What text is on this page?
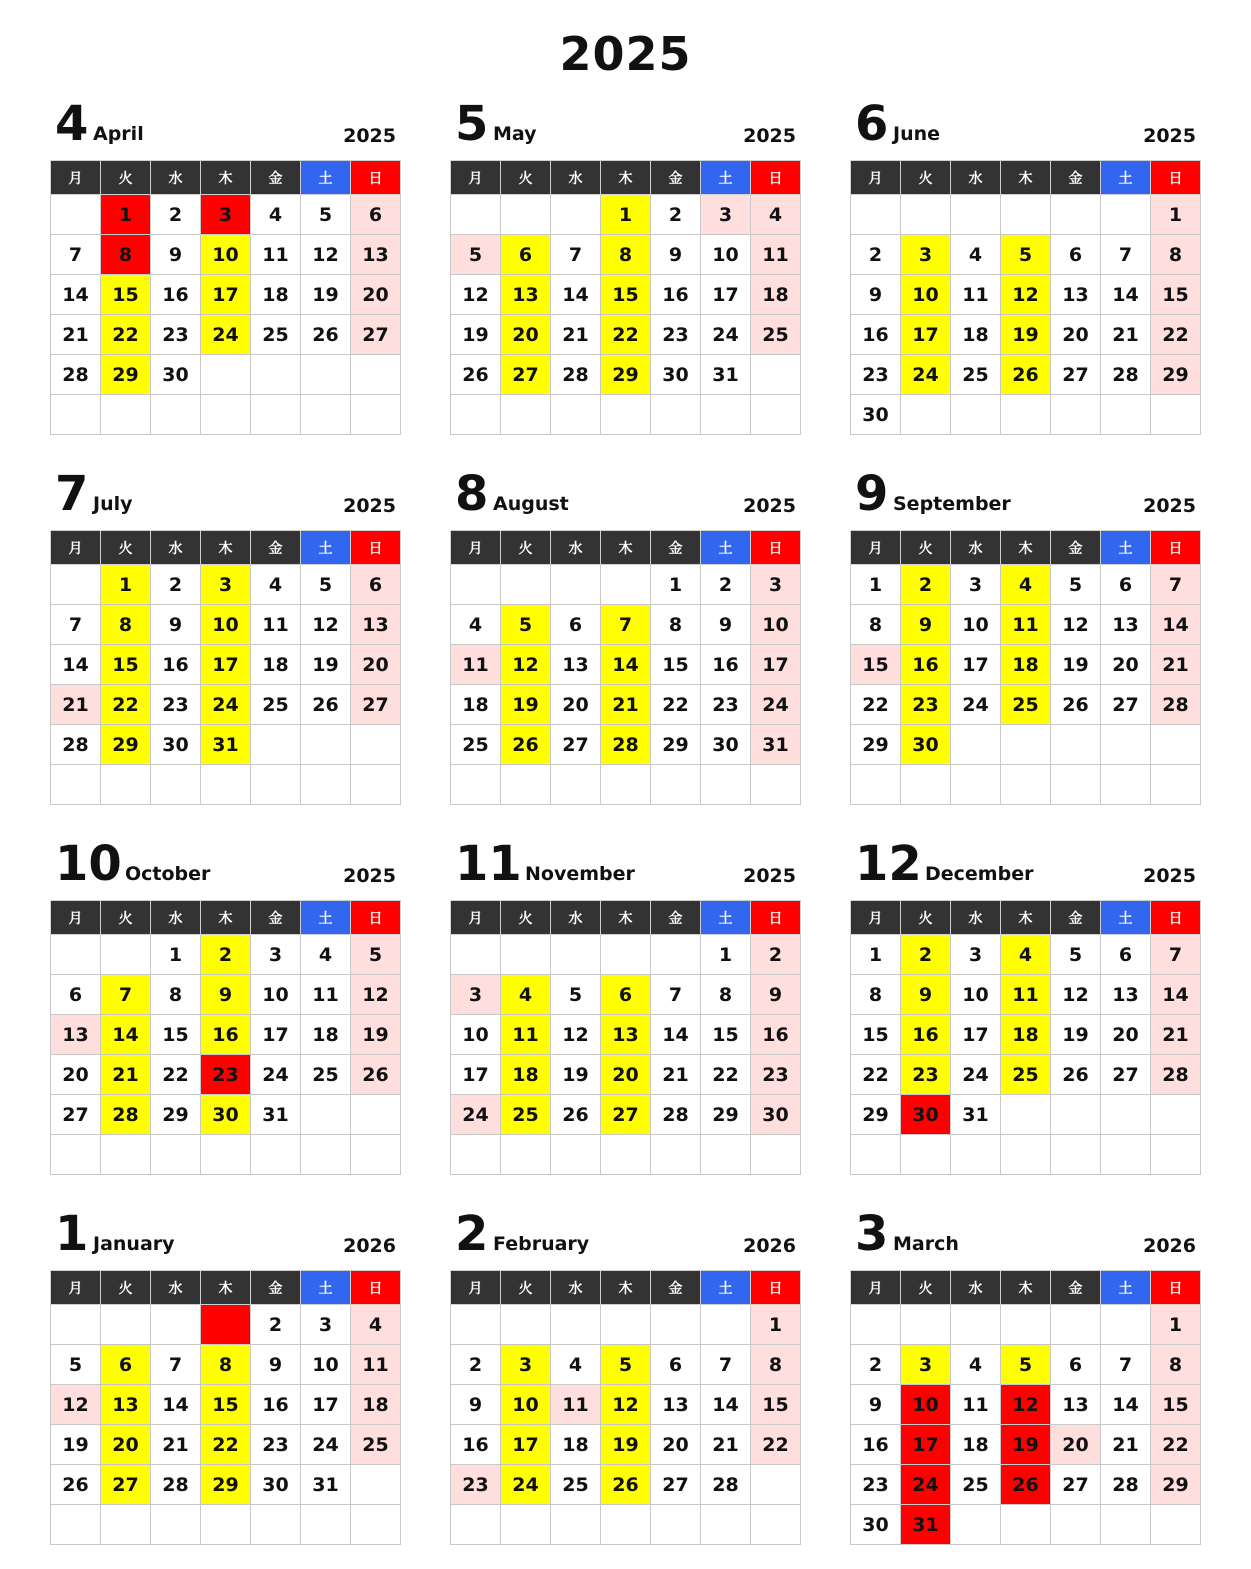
2025
4 April	2025
月	火	水	木	金	土	日
	1	2	3	4	5	6
7	8	9	10	11	12	13
14	15	16	17	18	19	20
21	22	23	24	25	26	27
28	29	30				

5 May	2025
月	火	水	木	金	土	日
			1	2	3	4
5	6	7	8	9	10	11
12	13	14	15	16	17	18
19	20	21	22	23	24	25
26	27	28	29	30	31	

6 June	2025
月	火	水	木	金	土	日
						1
2	3	4	5	6	7	8
9	10	11	12	13	14	15
16	17	18	19	20	21	22
23	24	25	26	27	28	29
30						
7 July	2025
月	火	水	木	金	土	日
	1	2	3	4	5	6
7	8	9	10	11	12	13
14	15	16	17	18	19	20
21	22	23	24	25	26	27
28	29	30	31			

8 August	2025
月	火	水	木	金	土	日
				1	2	3
4	5	6	7	8	9	10
11	12	13	14	15	16	17
18	19	20	21	22	23	24
25	26	27	28	29	30	31

9 September	2025
月	火	水	木	金	土	日
1	2	3	4	5	6	7
8	9	10	11	12	13	14
15	16	17	18	19	20	21
22	23	24	25	26	27	28
29	30					

10 October	2025
月	火	水	木	金	土	日
		1	2	3	4	5
6	7	8	9	10	11	12
13	14	15	16	17	18	19
20	21	22	23	24	25	26
27	28	29	30	31		

11 November	2025
月	火	水	木	金	土	日
					1	2
3	4	5	6	7	8	9
10	11	12	13	14	15	16
17	18	19	20	21	22	23
24	25	26	27	28	29	30

12 December	2025
月	火	水	木	金	土	日
1	2	3	4	5	6	7
8	9	10	11	12	13	14
15	16	17	18	19	20	21
22	23	24	25	26	27	28
29	30	31				

1 January	2026
月	火	水	木	金	土	日
				2	3	4
5	6	7	8	9	10	11
12	13	14	15	16	17	18
19	20	21	22	23	24	25
26	27	28	29	30	31	

2 February	2026
月	火	水	木	金	土	日
						1
2	3	4	5	6	7	8
9	10	11	12	13	14	15
16	17	18	19	20	21	22
23	24	25	26	27	28	

3 March	2026
月	火	水	木	金	土	日
						1
2	3	4	5	6	7	8
9	10	11	12	13	14	15
16	17	18	19	20	21	22
23	24	25	26	27	28	29
30	31					
